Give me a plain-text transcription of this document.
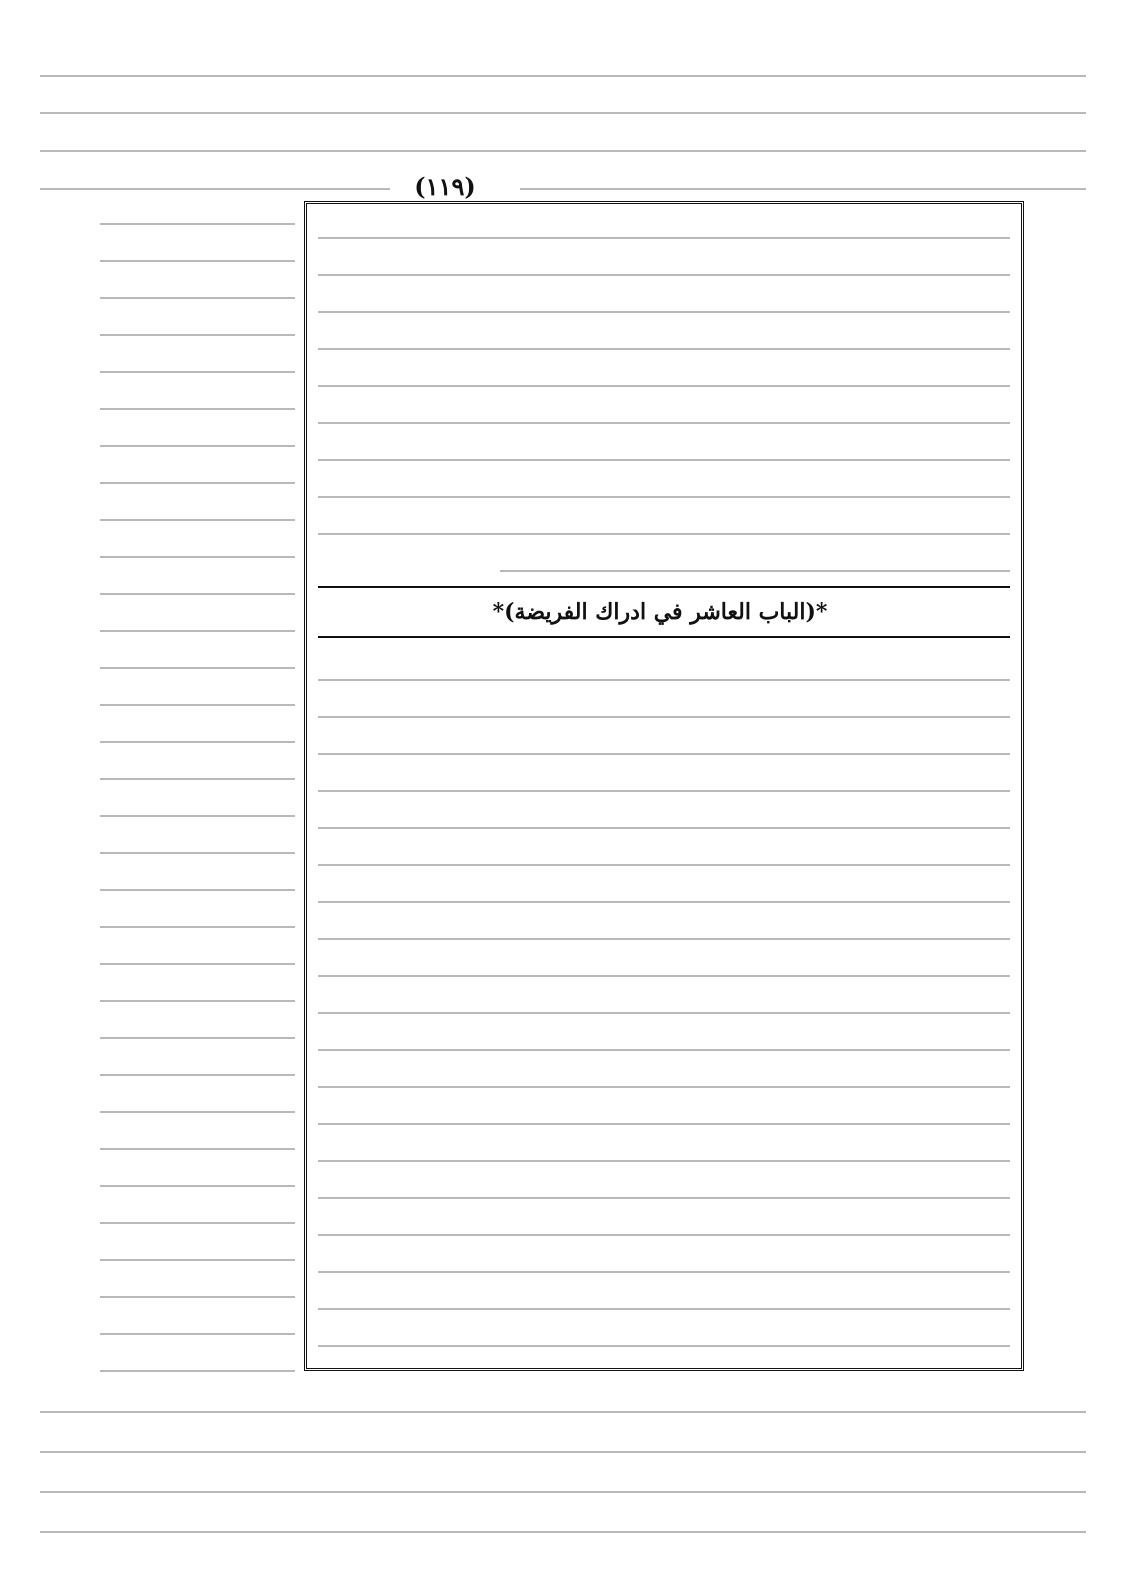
(١١٩)
*(الباب العاشر في ادراك الفريضة)*
